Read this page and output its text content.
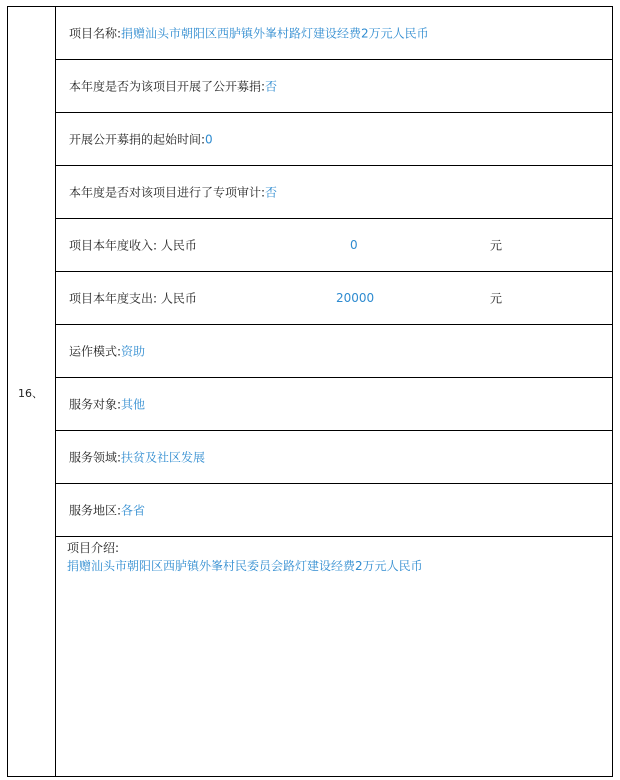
16、
项目名称:捐赠汕头市朝阳区西胪镇外峯村路灯建设经费2万元人民币
本年度是否为该项目开展了公开募捐:否
开展公开募捐的起始时间:0
本年度是否对该项目进行了专项审计:否
项目本年度收入: 人民币	0	元
项目本年度支出: 人民币	20000	元
运作模式:资助
服务对象:其他
服务领域:扶贫及社区发展
服务地区:各省
项目介绍:
捐赠汕头市朝阳区西胪镇外峯村民委员会路灯建设经费2万元人民币
